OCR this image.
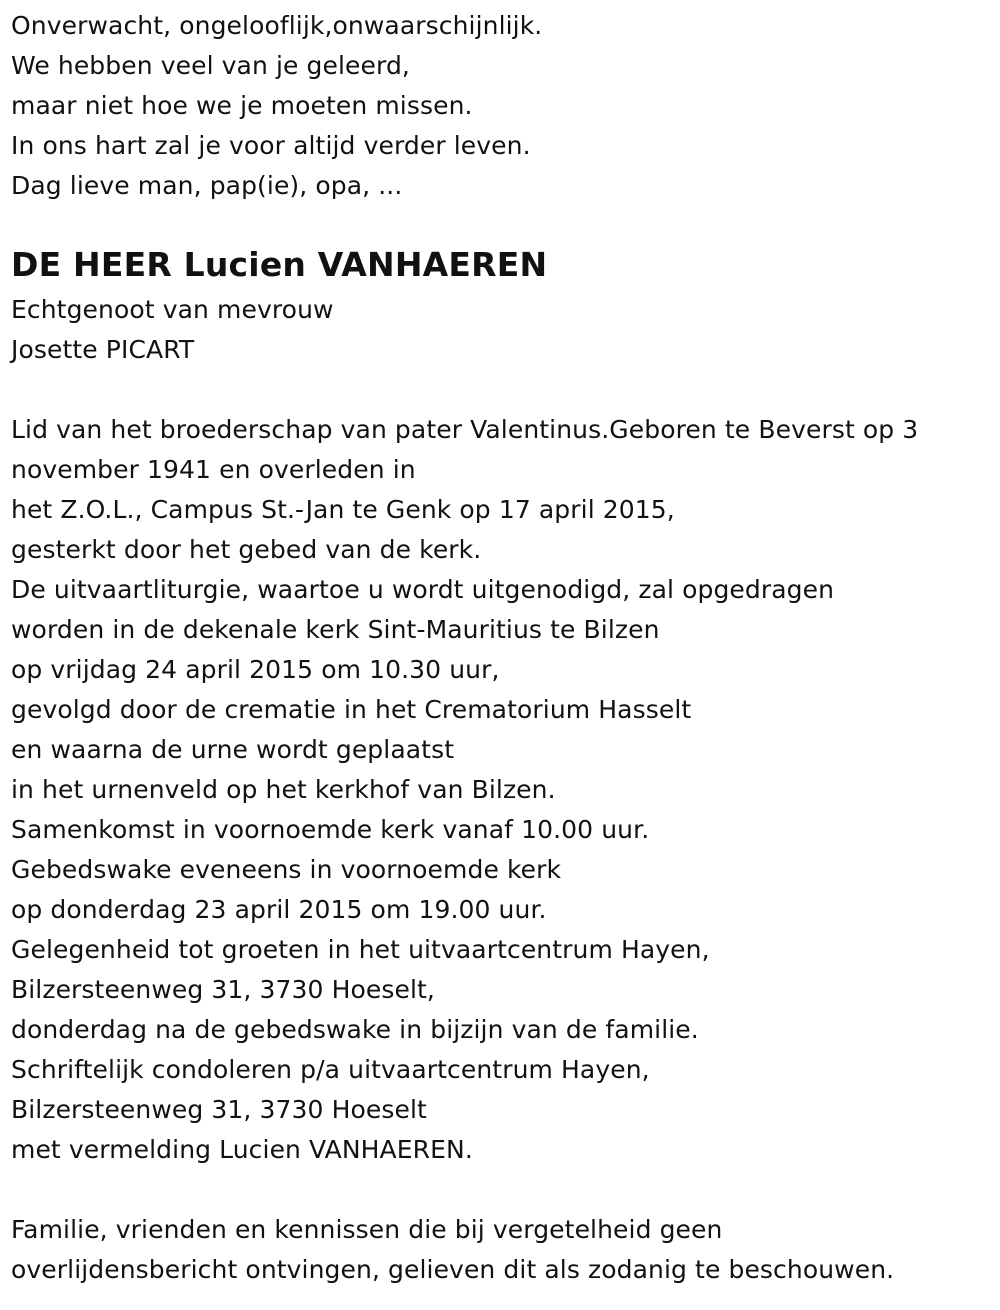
Onverwacht, ongelooflijk,onwaarschijnlijk.
We hebben veel van je geleerd,
maar niet hoe we je moeten missen.
In ons hart zal je voor altijd verder leven.
Dag lieve man, pap(ie), opa, ...
DE HEER Lucien VANHAEREN
Echtgenoot van mevrouw
Josette PICART
Lid van het broederschap van pater Valentinus.Geboren te Beverst op 3
november 1941 en overleden in
het Z.O.L., Campus St.-Jan te Genk op 17 april 2015,
gesterkt door het gebed van de kerk.
De uitvaartliturgie, waartoe u wordt uitgenodigd, zal opgedragen
worden in de dekenale kerk Sint-Mauritius te Bilzen
op vrijdag 24 april 2015 om 10.30 uur,
gevolgd door de crematie in het Crematorium Hasselt
en waarna de urne wordt geplaatst
in het urnenveld op het kerkhof van Bilzen.
Samenkomst in voornoemde kerk vanaf 10.00 uur.
Gebedswake eveneens in voornoemde kerk
op donderdag 23 april 2015 om 19.00 uur.
Gelegenheid tot groeten in het uitvaartcentrum Hayen,
Bilzersteenweg 31, 3730 Hoeselt,
donderdag na de gebedswake in bijzijn van de familie.
Schriftelijk condoleren p/a uitvaartcentrum Hayen,
Bilzersteenweg 31, 3730 Hoeselt
met vermelding Lucien VANHAEREN.
Familie, vrienden en kennissen die bij vergetelheid geen
overlijdensbericht ontvingen, gelieven dit als zodanig te beschouwen.
